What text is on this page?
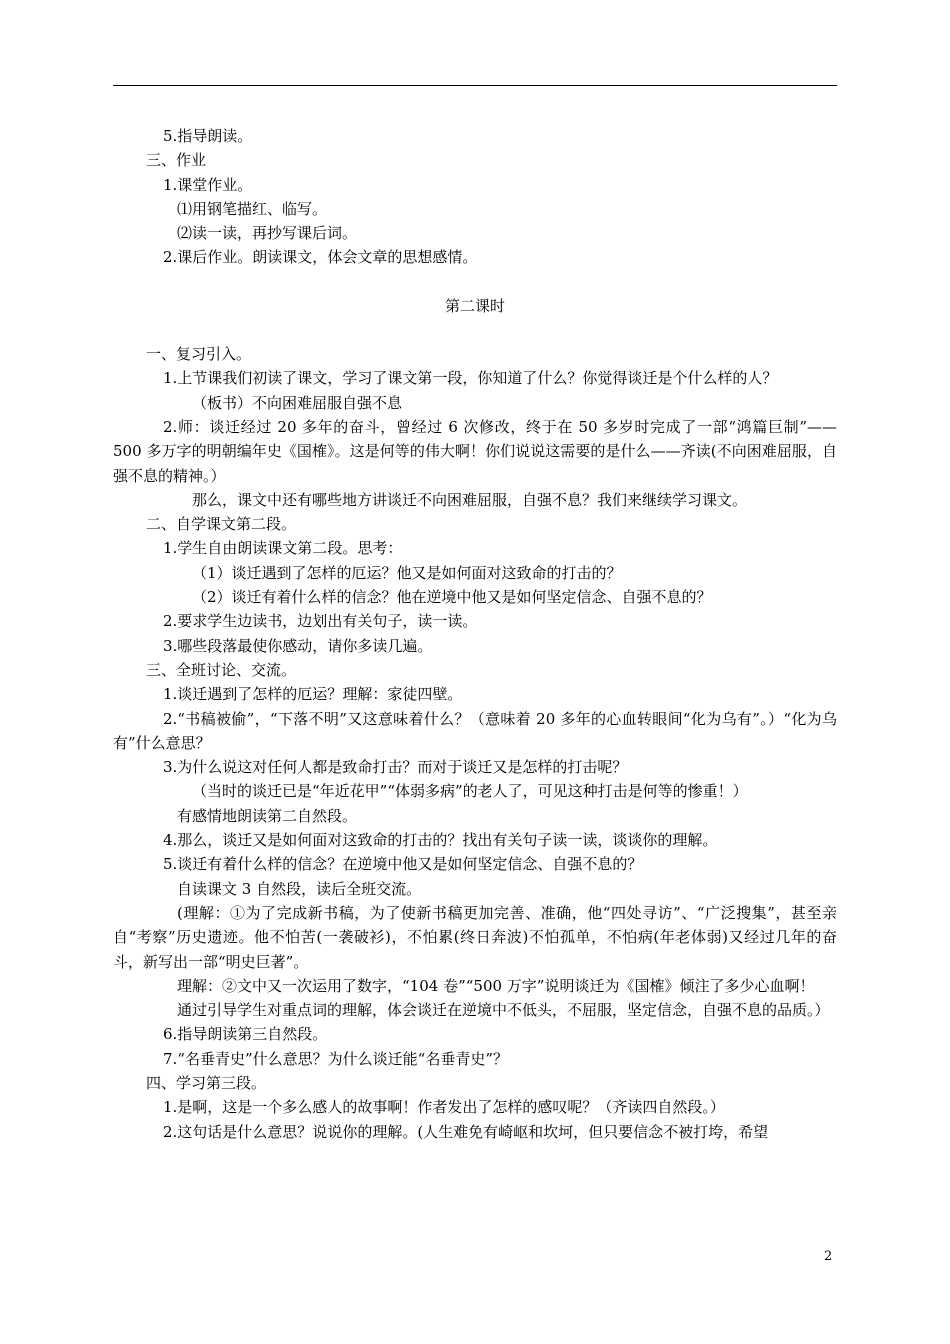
5.指导朗读。

三、作业

1.课堂作业。

⑴用钢笔描红、临写。

⑵读一读，再抄写课后词。

2.课后作业。朗读课文，体会文章的思想感情。

第二课时

一、复习引入。

1.上节课我们初读了课文，学习了课文第一段，你知道了什么？你觉得谈迁是个什么样的人？

（板书）不向困难屈服自强不息

2.师：谈迁经过 20 多年的奋斗，曾经过 6 次修改，终于在 50 多岁时完成了一部“鸿篇巨制”——500 多万字的明朝编年史《国榷》。这是何等的伟大啊！你们说说这需要的是什么——齐读(不向困难屈服，自强不息的精神。）

那么，课文中还有哪些地方讲谈迁不向困难屈服，自强不息？我们来继续学习课文。

二、自学课文第二段。

1.学生自由朗读课文第二段。思考：

（1）谈迁遇到了怎样的厄运？他又是如何面对这致命的打击的？

（2）谈迁有着什么样的信念？他在逆境中他又是如何坚定信念、自强不息的？

2.要求学生边读书，边划出有关句子，读一读。

3.哪些段落最使你感动，请你多读几遍。

三、全班讨论、交流。

1.谈迁遇到了怎样的厄运？理解：家徒四壁。

2.“书稿被偷”，“下落不明”又这意味着什么？（意味着 20 多年的心血转眼间“化为乌有”。）“化为乌有”什么意思？

3.为什么说这对任何人都是致命打击？而对于谈迁又是怎样的打击呢？

（当时的谈迁已是“年近花甲”“体弱多病”的老人了，可见这种打击是何等的惨重！）

有感情地朗读第二自然段。

4.那么，谈迁又是如何面对这致命的打击的？找出有关句子读一读，谈谈你的理解。

5.谈迁有着什么样的信念？在逆境中他又是如何坚定信念、自强不息的？

自读课文 3 自然段，读后全班交流。

(理解：①为了完成新书稿，为了使新书稿更加完善、准确，他“四处寻访”、“广泛搜集”，甚至亲自“考察”历史遗迹。他不怕苦(一袭破衫)，不怕累(终日奔波)不怕孤单，不怕病(年老体弱)又经过几年的奋斗，新写出一部“明史巨著”。

理解：②文中又一次运用了数字，“104 卷”“500 万字”说明谈迁为《国榷》倾注了多少心血啊！

通过引导学生对重点词的理解，体会谈迁在逆境中不低头，不屈服，坚定信念，自强不息的品质。）

6.指导朗读第三自然段。

7.“名垂青史”什么意思？为什么谈迁能“名垂青史”？

四、学习第三段。

1.是啊，这是一个多么感人的故事啊！作者发出了怎样的感叹呢？（齐读四自然段。）

2.这句话是什么意思？说说你的理解。(人生难免有崎岖和坎坷，但只要信念不被打垮，希望

2
